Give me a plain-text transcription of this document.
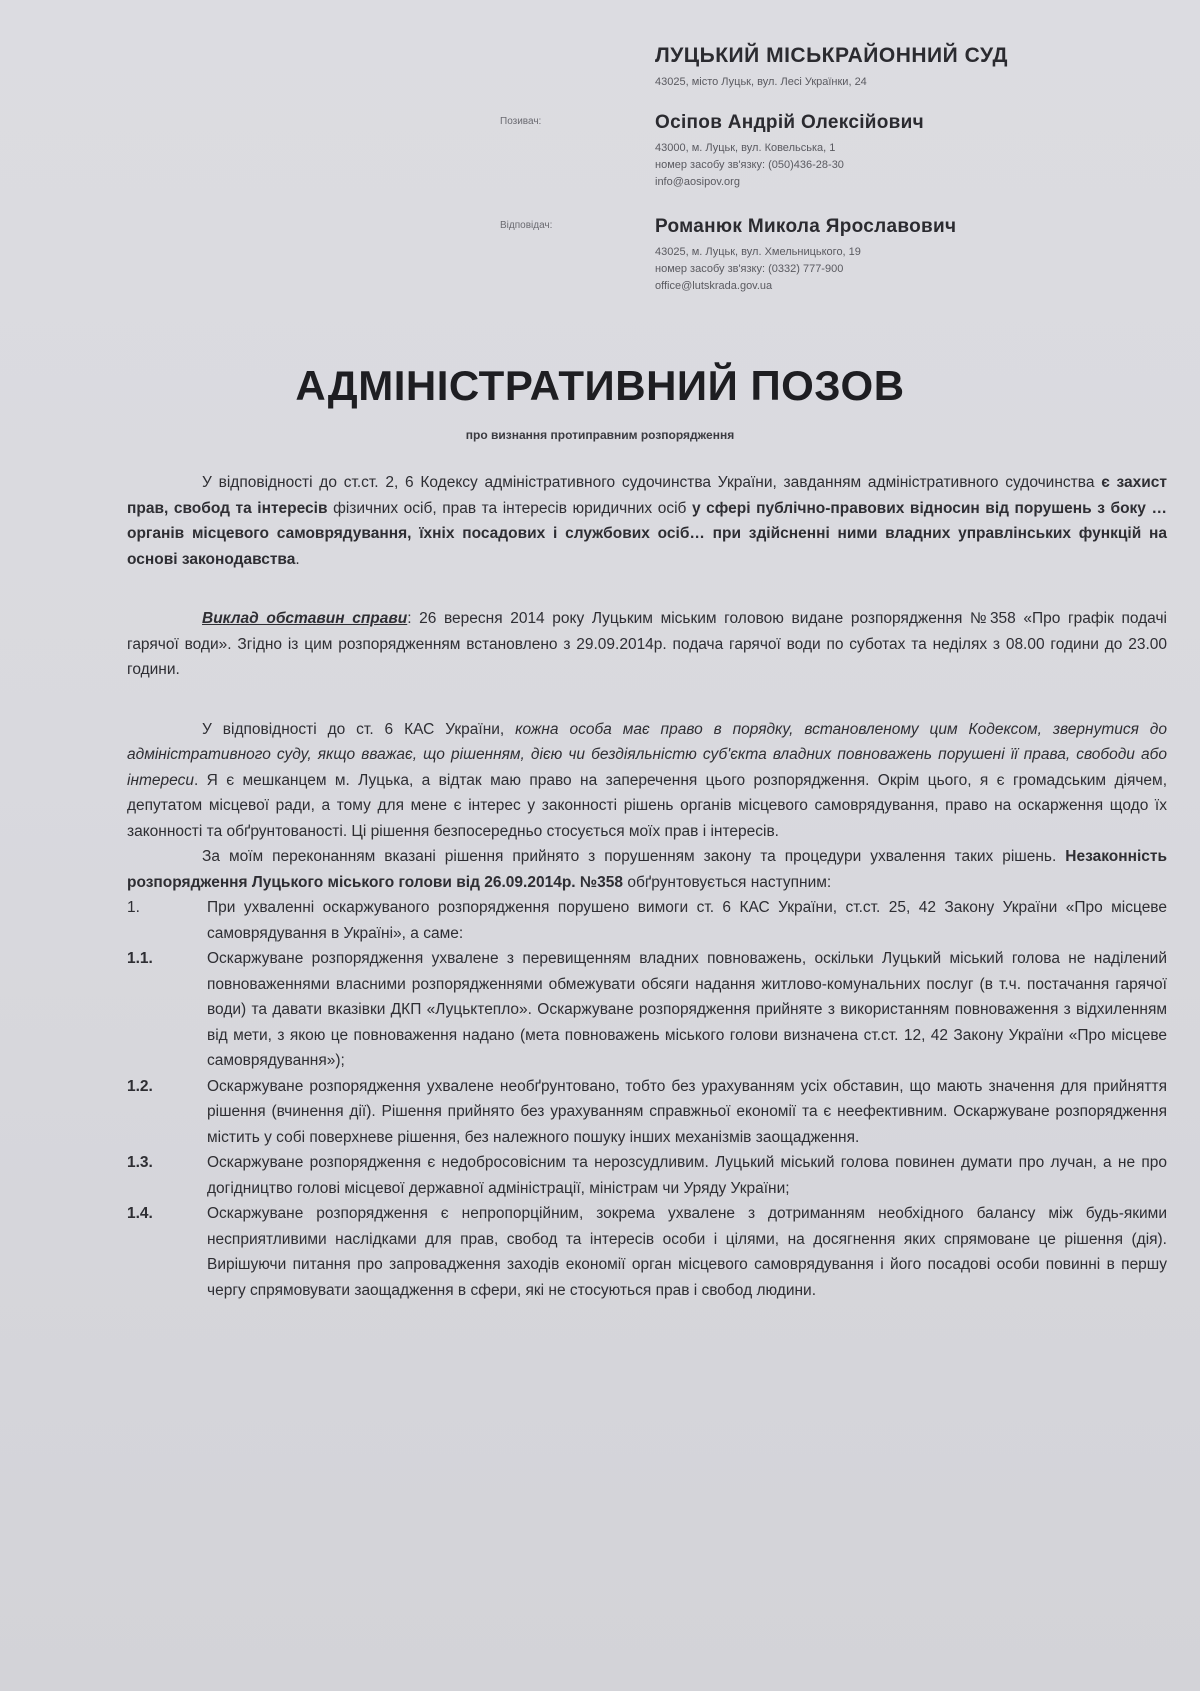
ЛУЦЬКИЙ МІСЬКРАЙОННИЙ СУД
43025, місто Луцьк, вул. Лесі Українки, 24
Позивач:	Осіпов Андрій Олексійович
43000, м. Луцьк, вул. Ковельська, 1
номер засобу зв'язку: (050)436-28-30
info@aosipov.org
Відповідач:	Романюк Микола Ярославович
43025, м. Луцьк, вул. Хмельницького, 19
номер засобу зв'язку: (0332) 777-900
office@lutskrada.gov.ua
АДМІНІСТРАТИВНИЙ ПОЗОВ
про визнання протиправним розпорядження

У відповідності до ст.ст. 2, 6 Кодексу адміністративного судочинства України, завданням адміністративного судочинства є захист прав, свобод та інтересів фізичних осіб, прав та інтересів юридичних осіб у сфері публічно-правових відносин від порушень з боку … органів місцевого самоврядування, їхніх посадових і службових осіб… при здійсненні ними владних управлінських функцій на основі законодавства.

Виклад обставин справи: 26 вересня 2014 року Луцьким міським головою видане розпорядження №358 «Про графік подачі гарячої води». Згідно із цим розпорядженням встановлено з 29.09.2014р. подача гарячої води по суботах та неділях з 08.00 години до 23.00 години.

У відповідності до ст. 6 КАС України, кожна особа має право в порядку, встановленому цим Кодексом, звернутися до адміністративного суду, якщо вважає, що рішенням, дією чи бездіяльністю суб'єкта владних повноважень порушені її права, свободи або інтереси. Я є мешканцем м. Луцька, а відтак маю право на заперечення цього розпорядження. Окрім цього, я є громадським діячем, депутатом місцевої ради, а тому для мене є інтерес у законності рішень органів місцевого самоврядування, право на оскарження щодо їх законності та обґрунтованості. Ці рішення безпосередньо стосується моїх прав і інтересів.

За моїм переконанням вказані рішення прийнято з порушенням закону та процедури ухвалення таких рішень. Незаконність розпорядження Луцького міського голови від 26.09.2014р. №358 обґрунтовується наступним:

1.	При ухваленні оскаржуваного розпорядження порушено вимоги ст. 6 КАС України, ст.ст. 25, 42 Закону України «Про місцеве самоврядування в Україні», а саме:
1.1.	Оскаржуване розпорядження ухвалене з перевищенням владних повноважень, оскільки Луцький міський голова не наділений повноваженнями власними розпорядженнями обмежувати обсяги надання житлово-комунальних послуг (в т.ч. постачання гарячої води) та давати вказівки ДКП «Луцьктепло». Оскаржуване розпорядження прийняте з використанням повноваження з відхиленням від мети, з якою це повноваження надано (мета повноважень міського голови визначена ст.ст. 12, 42 Закону України «Про місцеве самоврядування»);
1.2.	Оскаржуване розпорядження ухвалене необґрунтовано, тобто без урахуванням усіх обставин, що мають значення для прийняття рішення (вчинення дії). Рішення прийнято без урахуванням справжньої економії та є неефективним. Оскаржуване розпорядження містить у собі поверхневе рішення, без належного пошуку інших механізмів заощадження.
1.3.	Оскаржуване розпорядження є недобросовісним та нерозсудливим. Луцький міський голова повинен думати про лучан, а не про догідництво голові місцевої державної адміністрації, міністрам чи Уряду України;
1.4.	Оскаржуване розпорядження є непропорційним, зокрема ухвалене з дотриманням необхідного балансу між будь-якими несприятливими наслідками для прав, свобод та інтересів особи і цілями, на досягнення яких спрямоване це рішення (дія). Вирішуючи питання про запровадження заходів економії орган місцевого самоврядування і його посадові особи повинні в першу чергу спрямовувати заощадження в сфери, які не стосуються прав і свобод людини.
